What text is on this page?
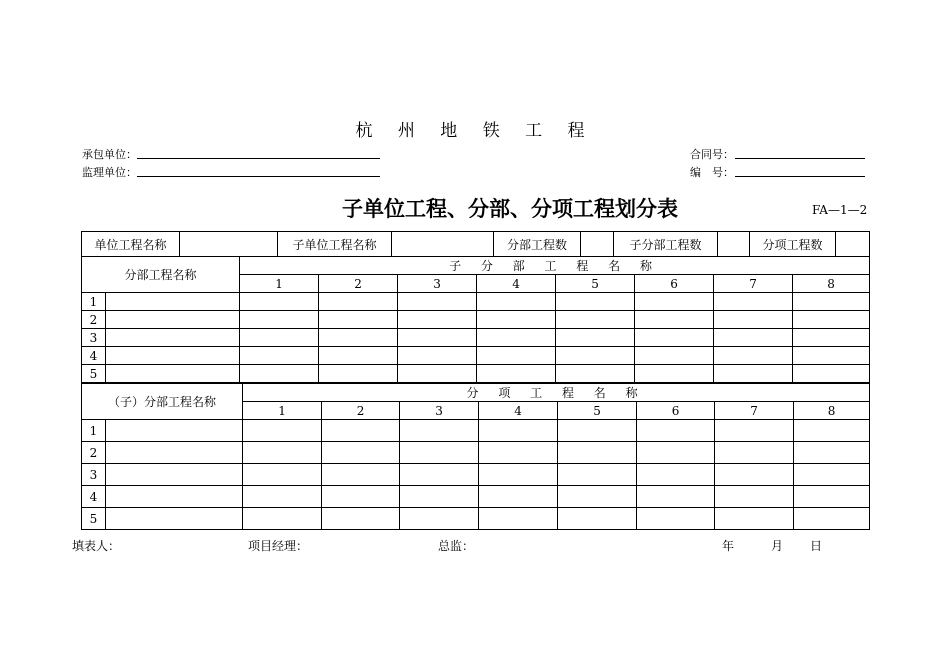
杭 州 地 铁 工 程
承包单位：
监理单位：
合同号：
编　号：
子单位工程、分部、分项工程划分表	FA—1—2
单位工程名称		子单位工程名称		分部工程数		子分部工程数		分项工程数	
分部工程名称		子 分 部 工 程 名 称							
		1	2	3	4	5	6	7	8
1									
2									
3									
4									
5									
（子）分部工程名称		分 项 工 程 名 称							
		1	2	3	4	5	6	7	8
1									
2									
3									
4									
5									
填表人：	项目经理：	总监：	年	月 日
